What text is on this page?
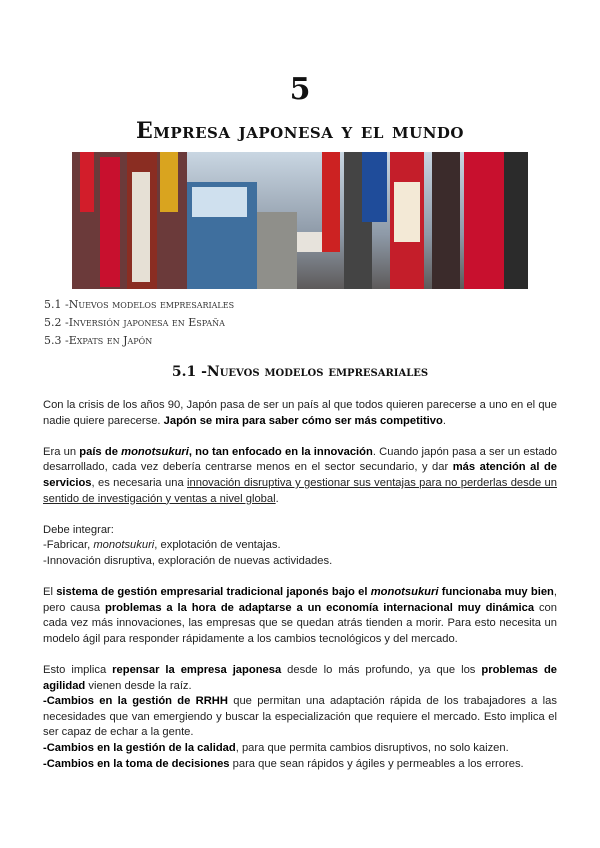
5
Empresa japonesa y el mundo
5.1 -Nuevos modelos empresariales
5.2 -Inversión japonesa en España
5.3 -Expats en Japón
5.1 -Nuevos modelos empresariales

Con la crisis de los años 90, Japón pasa de ser un país al que todos quieren parecerse a uno en el que nadie quiere parecerse. Japón se mira para saber cómo ser más competitivo.

Era un país de monotsukuri, no tan enfocado en la innovación. Cuando japón pasa a ser un estado desarrollado, cada vez debería centrarse menos en el sector secundario, y dar más atención al de servicios, es necesaria una innovación disruptiva y gestionar sus ventajas para no perderlas desde un sentido de investigación y ventas a nivel global.

Debe integrar:

-Fabricar, monotsukuri, explotación de ventajas.

-Innovación disruptiva, exploración de nuevas actividades.

El sistema de gestión empresarial tradicional japonés bajo el monotsukuri funcionaba muy bien, pero causa problemas a la hora de adaptarse a un economía internacional muy dinámica con cada vez más innovaciones, las empresas que se quedan atrás tienden a morir. Para esto necesita un modelo ágil para responder rápidamente a los cambios tecnológicos y del mercado.

Esto implica repensar la empresa japonesa desde lo más profundo, ya que los problemas de agilidad vienen desde la raíz.

-Cambios en la gestión de RRHH que permitan una adaptación rápida de los trabajadores a las necesidades que van emergiendo y buscar la especialización que requiere el mercado. Esto implica el ser capaz de echar a la gente.

-Cambios en la gestión de la calidad, para que permita cambios disruptivos, no solo kaizen.

-Cambios en la toma de decisiones para que sean rápidos y ágiles y permeables a los errores.
